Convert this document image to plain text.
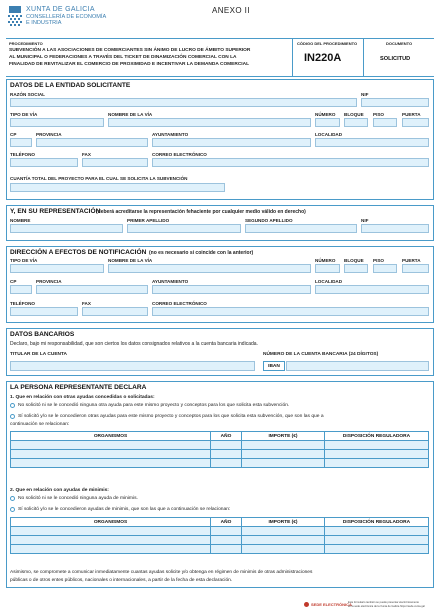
XUNTA DE GALICIA
CONSELLERÍA DE ECONOMÍA
E INDUSTRIA
ANEXO II
PROCEDIMIENTO
SUBVENCIÓN A LAS ASOCIACIONES DE COMERCIANTES SIN ÁNIMO DE LUCRO DE ÁMBITO SUPERIOR
AL MUNICIPAL O FEDERACIONES A TRAVÉS DEL TICKET DE DINAMIZACIÓN COMERCIAL CON LA
FINALIDAD DE REVITALIZAR EL COMERCIO DE PROXIMIDAD E INCENTIVAR LA DEMANDA COMERCIAL
CÓDIGO DEL PROCEDIMIENTO
IN220A
DOCUMENTO
SOLICITUD
DATOS DE LA ENTIDAD SOLICITANTE
RAZÓN SOCIAL	NIF
TIPO DE VÍA	NOMBRE DE LA VÍA	NÚMERO BLOQUE PISO	PUERTA
CP	PROVINCIA	AYUNTAMIENTO	LOCALIDAD
TELÉFONO	FAX	CORREO ELECTRÓNICO
CUANTÍA TOTAL DEL PROYECTO PARA EL CUAL SE SOLICITA LA SUBVENCIÓN
Y, EN SU REPRESENTACIÓN
(deberá acreditarse la representación fehaciente por cualquier medio válido en derecho)
NOMBRE	PRIMER APELLIDO	SEGUNDO APELLIDO	NIF
DIRECCIÓN A EFECTOS DE NOTIFICACIÓN (no es necesario si coincide con la anterior)
TIPO DE VÍA	NOMBRE DE LA VÍA	NÚMERO BLOQUE PISO	PUERTA
CP	PROVINCIA	AYUNTAMIENTO	LOCALIDAD
TELÉFONO	FAX	CORREO ELECTRÓNICO
DATOS BANCARIOS
Declaro, bajo mi responsabilidad, que son ciertos los datos consignados relativos a la cuenta bancaria indicada.
TITULAR DE LA CUENTA	NÚMERO DE LA CUENTA BANCARIA (24 DÍGITOS)
IBAN
LA PERSONA REPRESENTANTE DECLARA
1. Que en relación con otras ayudas concedidas o solicitadas:
No solicitó ni se le concedió ninguna otra ayuda para este mismo proyecto y conceptos para los que solicita esta subvención.
Sí solicitó y/o se le concedieron otras ayudas para este mismo proyecto y conceptos para los que solicita esta subvención, que son las que a
continuación se relacionan:
ORGANISMOS	AÑO	IMPORTE (€)	DISPOSICIÓN REGULADORA

2. Que en relación con ayudas de minimis:
No solicitó ni se le concedió ninguna ayuda de minimis.
Sí solicitó y/o se le concedieron ayudas de minimis, que son las que a continuación se relacionan:
ORGANISMOS	AÑO	IMPORTE (€)	DISPOSICIÓN REGULADORA

Asimismo, se compromete a comunicar inmediatamente cuantas ayudas solicite y/o obtenga en régimen de minimis de otras administraciones
públicas o de otros entes públicos, nacionales o internacionales, a partir de la fecha de esta declaración.
SEDE ELECTRÓNICA
Este formulario también se puede presentar electrónicamente
en la sede electrónica de la Xunta de Galicia https://sede.xunta.gal
